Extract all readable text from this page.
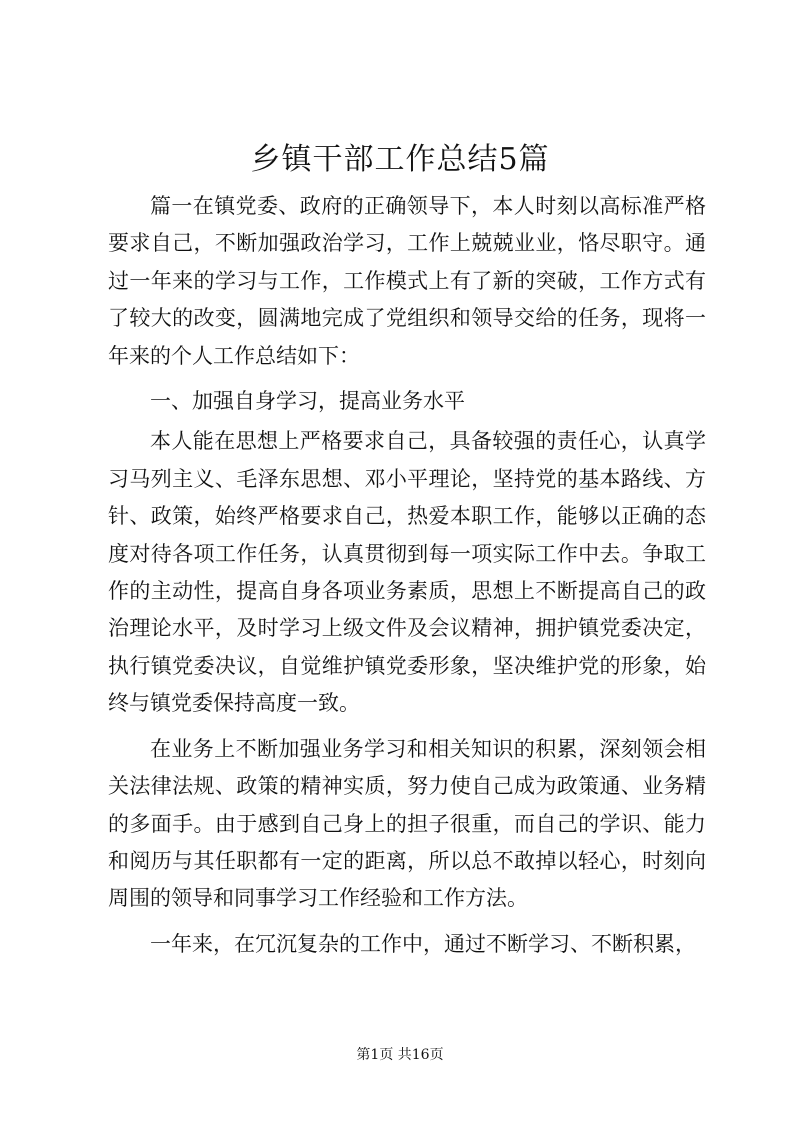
乡镇干部工作总结5篇

篇一在镇党委、政府的正确领导下，本人时刻以高标准严格要求自己，不断加强政治学习，工作上兢兢业业，恪尽职守。通过一年来的学习与工作，工作模式上有了新的突破，工作方式有了较大的改变，圆满地完成了党组织和领导交给的任务，现将一年来的个人工作总结如下：

一、加强自身学习，提高业务水平

本人能在思想上严格要求自己，具备较强的责任心，认真学习马列主义、毛泽东思想、邓小平理论，坚持党的基本路线、方针、政策，始终严格要求自己，热爱本职工作，能够以正确的态度对待各项工作任务，认真贯彻到每一项实际工作中去。争取工作的主动性，提高自身各项业务素质，思想上不断提高自己的政治理论水平，及时学习上级文件及会议精神，拥护镇党委决定，执行镇党委决议，自觉维护镇党委形象，坚决维护党的形象，始终与镇党委保持高度一致。

在业务上不断加强业务学习和相关知识的积累，深刻领会相关法律法规、政策的精神实质，努力使自己成为政策通、业务精的多面手。由于感到自己身上的担子很重，而自己的学识、能力和阅历与其任职都有一定的距离，所以总不敢掉以轻心，时刻向周围的领导和同事学习工作经验和工作方法。

一年来，在冗沉复杂的工作中，通过不断学习、不断积累，

第1页 共16页
